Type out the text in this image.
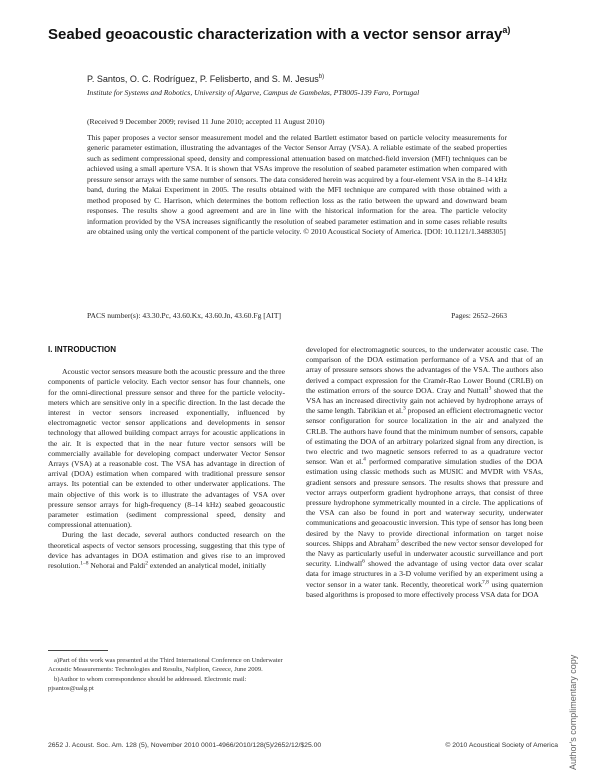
Seabed geoacoustic characterization with a vector sensor array$^{a)}$
P. Santos, O. C. Rodríguez, P. Felisberto, and S. M. Jesus$^{b)}$
Institute for Systems and Robotics, University of Algarve, Campus de Gambelas, PT8005-139 Faro, Portugal
(Received 9 December 2009; revised 11 June 2010; accepted 11 August 2010)
This paper proposes a vector sensor measurement model and the related Bartlett estimator based on particle velocity measurements for generic parameter estimation, illustrating the advantages of the Vector Sensor Array (VSA). A reliable estimate of the seabed properties such as sediment compressional speed, density and compressional attenuation based on matched-field inversion (MFI) techniques can be achieved using a small aperture VSA. It is shown that VSAs improve the resolution of seabed parameter estimation when compared with pressure sensor arrays with the same number of sensors. The data considered herein was acquired by a four-element VSA in the 8–14 kHz band, during the Makai Experiment in 2005. The results obtained with the MFI technique are compared with those obtained with a method proposed by C. Harrison, which determines the bottom reflection loss as the ratio between the upward and downward beam responses. The results show a good agreement and are in line with the historical information for the area. The particle velocity information provided by the VSA increases significantly the resolution of seabed parameter estimation and in some cases reliable results are obtained using only the vertical component of the particle velocity. © 2010 Acoustical Society of America. [DOI: 10.1121/1.3488305]
PACS number(s): 43.30.Pc, 43.60.Kx, 43.60.Jn, 43.60.Fg [AIT]	Pages: 2652–2663
I. INTRODUCTION

Acoustic vector sensors measure both the acoustic pressure and the three components of particle velocity. Each vector sensor has four channels, one for the omni-directional pressure sensor and three for the particle velocity-meters which are sensitive only in a specific direction. In the last decade the interest in vector sensors increased exponentially, influenced by electromagnetic vector sensor applications and developments in sensor technology that allowed building compact arrays for acoustic applications in the air. It is expected that in the near future vector sensors will be commercially available for developing compact underwater Vector Sensor Arrays (VSA) at a reasonable cost. The VSA has advantage in direction of arrival (DOA) estimation when compared with traditional pressure sensor arrays. Its potential can be extended to other underwater applications. The main objective of this work is to illustrate the advantages of VSA over pressure sensor arrays for high-frequency (8–14 kHz) seabed geoacoustic parameter estimation (sediment compressional speed, density and compressional attenuation).

During the last decade, several authors conducted research on the theoretical aspects of vector sensors processing, suggesting that this type of device has advantages in DOA estimation and gives rise to an improved resolution.$^{1-8}$ Nehorai and Paldi$^2$ extended an analytical model, initially

a)Part of this work was presented at the Third International Conference on Underwater Acoustic Measurements: Technologies and Results, Nafplion, Greece, June 2009.
b)Author to whom correspondence should be addressed. Electronic mail: pjsantos@ualg.pt

developed for electromagnetic sources, to the underwater acoustic case. The comparison of the DOA estimation performance of a VSA and that of an array of pressure sensors shows the advantages of the VSA. The authors also derived a compact expression for the Cramér-Rao Lower Bound (CRLB) on the estimation errors of the source DOA. Cray and Nuttall$^3$ showed that the VSA has an increased directivity gain not achieved by hydrophone arrays of the same length. Tabrikian et al.$^3$ proposed an efficient electromagnetic vector sensor configuration for source localization in the air and analyzed the CRLB. The authors have found that the minimum number of sensors, capable of estimating the DOA of an arbitrary polarized signal from any direction, is two electric and two magnetic sensors referred to as a quadrature vector sensor. Wan et al.$^4$ performed comparative simulation studies of the DOA estimation using classic methods such as MUSIC and MVDR with VSAs, gradient sensors and pressure sensors. The results shows that pressure and vector arrays outperform gradient hydrophone arrays, that consist of three pressure hydrophone symmetrically mounted in a circle. The applications of the VSA can also be found in port and waterway security, underwater communications and geoacoustic inversion. This type of sensor has long been desired by the Navy to provide directional information on target noise sources. Shipps and Abraham$^5$ described the new vector sensor developed for the Navy as particularly useful in underwater acoustic surveillance and port security. Lindwall$^6$ showed the advantage of using vector data over scalar data for image structures in a 3-D volume verified by an experiment using a vector sensor in a water tank. Recently, theoretical work$^{7,8}$ using quaternion based algorithms is proposed to more effectively process VSA data for DOA

2652 J. Acoust. Soc. Am. 128 (5), November 2010 0001-4966/2010/128(5)/2652/12/$25.00	© 2010 Acoustical Society of America Author's complimentary copy
